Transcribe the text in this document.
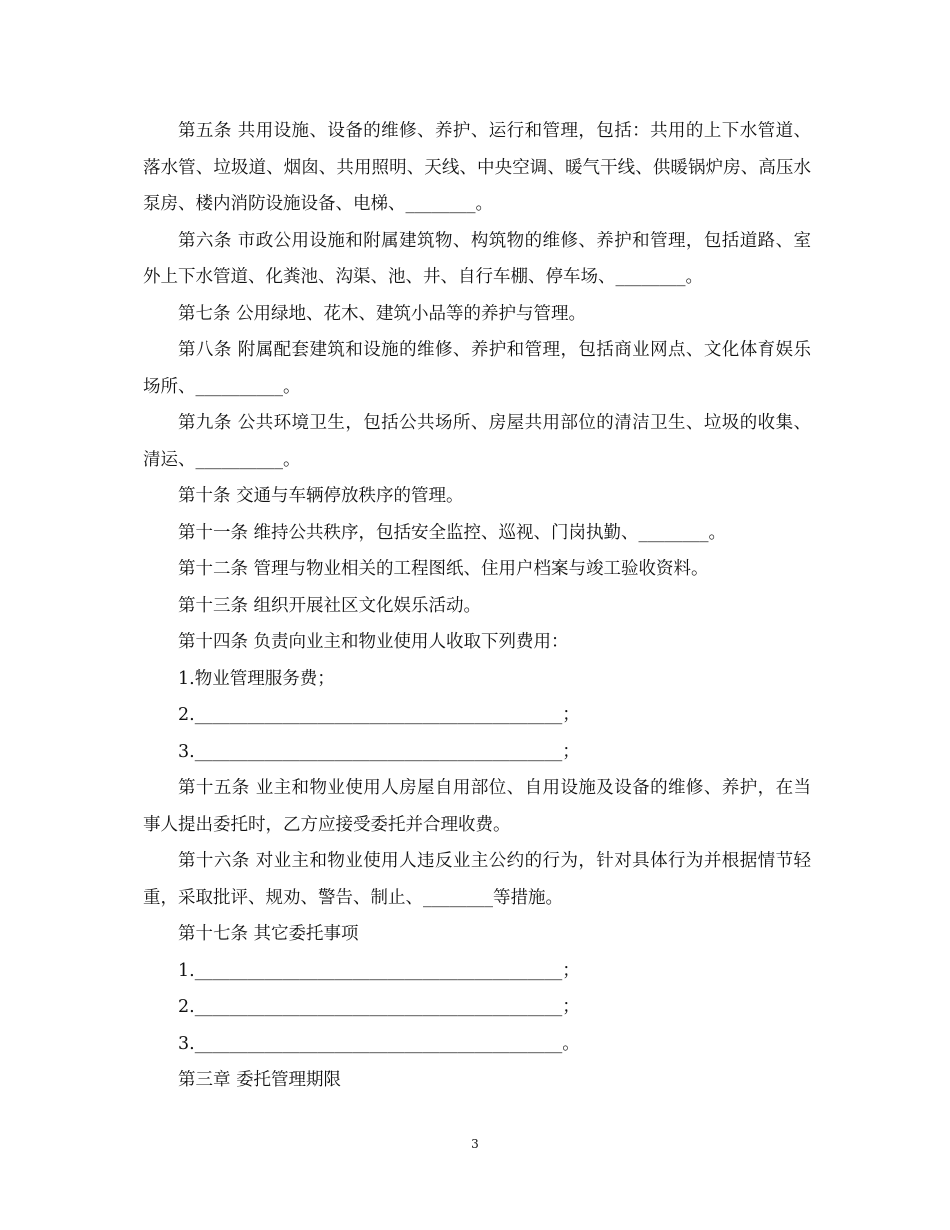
第五条 共用设施、设备的维修、养护、运行和管理，包括：共用的上下水管道、落水管、垃圾道、烟囱、共用照明、天线、中央空调、暖气干线、供暖锅炉房、高压水泵房、楼内消防设施设备、电梯、________。

第六条 市政公用设施和附属建筑物、构筑物的维修、养护和管理，包括道路、室外上下水管道、化粪池、沟渠、池、井、自行车棚、停车场、________。

第七条 公用绿地、花木、建筑小品等的养护与管理。

第八条 附属配套建筑和设施的维修、养护和管理，包括商业网点、文化体育娱乐场所、__________。

第九条 公共环境卫生，包括公共场所、房屋共用部位的清洁卫生、垃圾的收集、清运、__________。

第十条 交通与车辆停放秩序的管理。

第十一条 维持公共秩序，包括安全监控、巡视、门岗执勤、________。

第十二条 管理与物业相关的工程图纸、住用户档案与竣工验收资料。

第十三条 组织开展社区文化娱乐活动。

第十四条 负责向业主和物业使用人收取下列费用：

1.物业管理服务费；

2.__________________________________________；

3.__________________________________________；

第十五条 业主和物业使用人房屋自用部位、自用设施及设备的维修、养护，在当事人提出委托时，乙方应接受委托并合理收费。

第十六条 对业主和物业使用人违反业主公约的行为，针对具体行为并根据情节轻重，采取批评、规劝、警告、制止、________等措施。

第十七条 其它委托事项

1.__________________________________________；

2.__________________________________________；

3.__________________________________________。

第三章 委托管理期限

3
